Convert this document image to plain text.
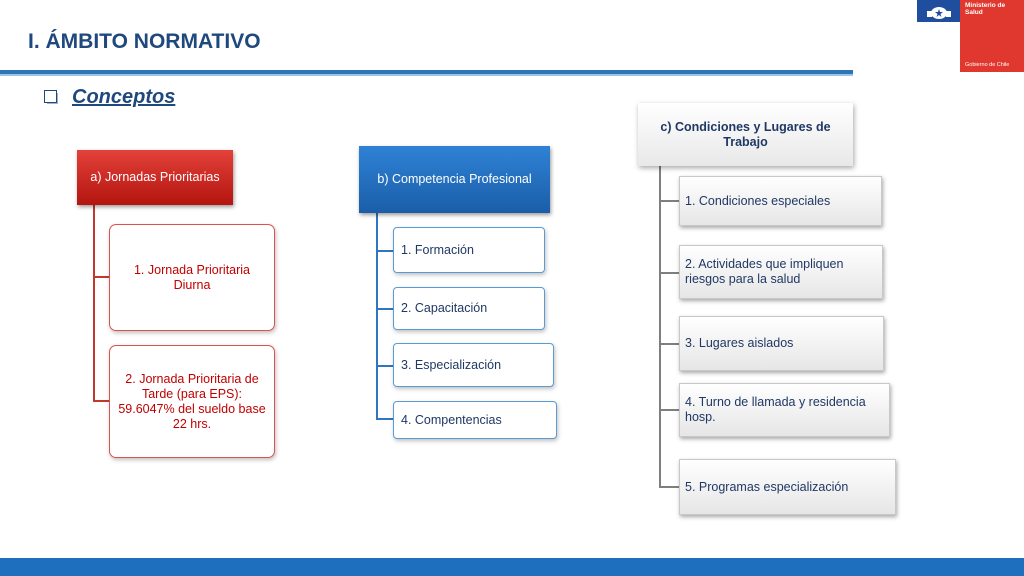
I. ÁMBITO NORMATIVO
Ministerio de Salud
Gobierno de Chile
Conceptos
a) Jornadas Prioritarias
1. Jornada Prioritaria Diurna
2. Jornada Prioritaria de Tarde (para EPS): 59.6047% del sueldo base 22 hrs.
b) Competencia Profesional
1. Formación
2. Capacitación
3. Especialización
4. Compentencias
c) Condiciones y Lugares de Trabajo
1. Condiciones especiales
2. Actividades que impliquen riesgos para la salud
3. Lugares aislados
4. Turno de llamada y residencia hosp.
5. Programas especialización
